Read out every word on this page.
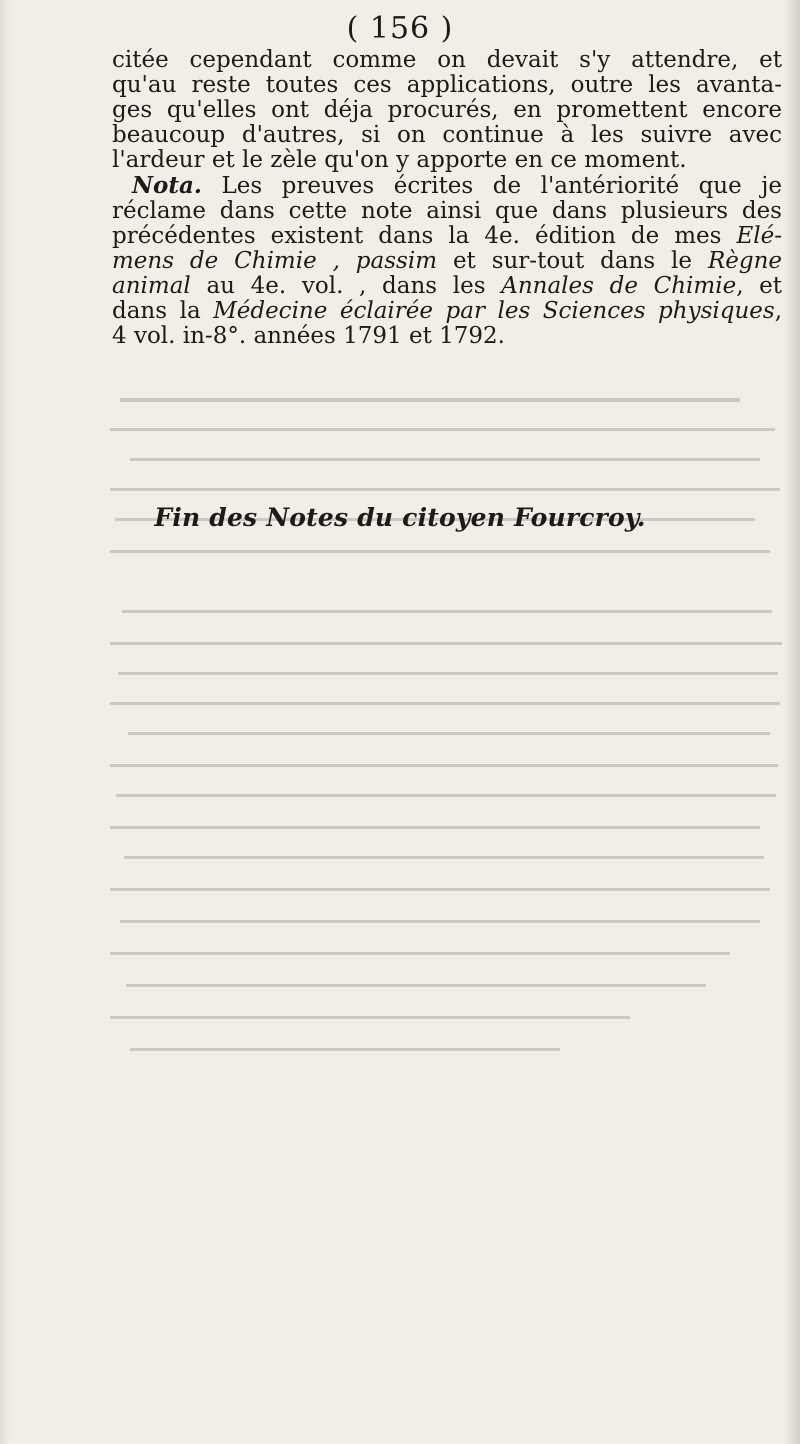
( 156 )

citée cependant comme on devait s'y attendre, et
qu'au reste toutes ces applications, outre les avanta-
ges qu'elles ont déja procurés, en promettent encore
beaucoup d'autres, si on continue à les suivre avec
l'ardeur et le zèle qu'on y apporte en ce moment.

Nota. Les preuves écrites de l'antériorité que je
réclame dans cette note ainsi que dans plusieurs des
précédentes existent dans la 4e. édition de mes Elé-
mens de Chimie , passim et sur-tout dans le Règne
animal au 4e. vol. , dans les Annales de Chimie, et
dans la Médecine éclairée par les Sciences physiques,
4 vol. in-8°. années 1791 et 1792.

Fin des Notes du citoyen Fourcroy.
